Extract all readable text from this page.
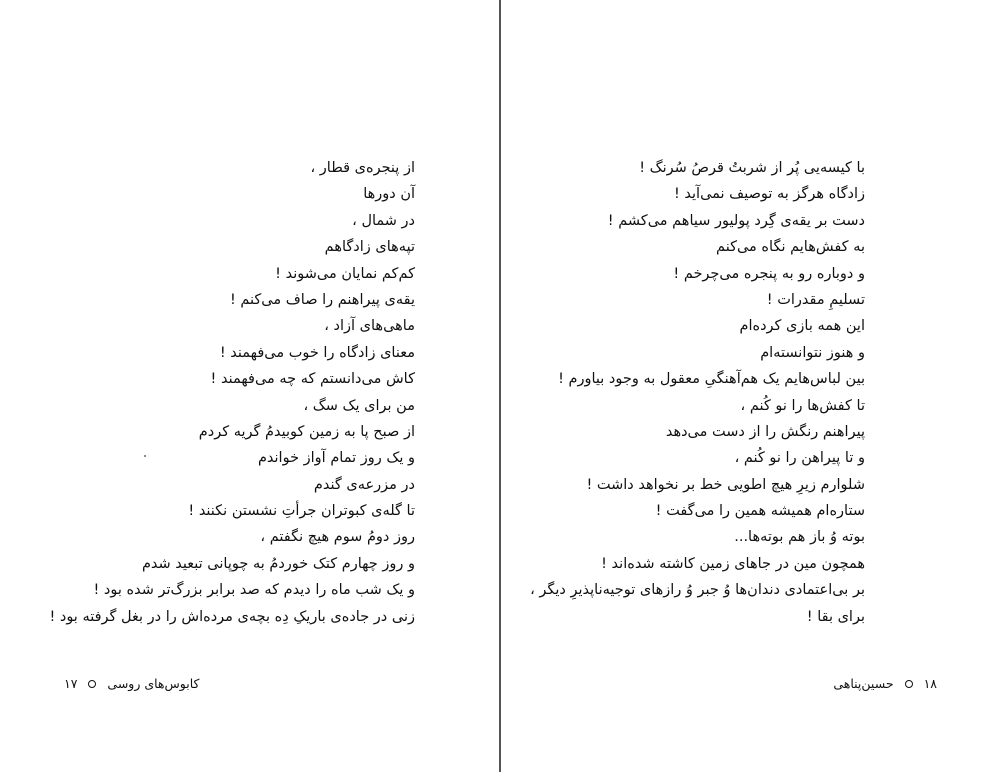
با کیسه‌یی پُر از شربتُ قرصُ سُرنگ !
زادگاه هرگز به توصیف نمی‌آید !
دست بر یقه‌ی گِرد پولیور سیاهم می‌کشم !
به کفش‌هایم نگاه می‌کنم
و دوباره رو به پنجره می‌چرخم !
تسلیمِ مقدرات !
این همه بازی کرده‌ام
و هنوز نتوانسته‌ام
بین لباس‌هایم یک هم‌آهنگیِ معقول به وجود بیاورم !
تا کفش‌ها را نو کُنم ،
پیراهنم رنگش را از دست می‌دهد
و تا پیراهن را نو کُنم ،
شلوارم زیرِ هیچ اطویی خط بر نخواهد داشت !
ستاره‌ام همیشه همین را می‌گفت !
بوته وُ باز هم بوته‌ها...
همچون مین در جاهای زمین کاشته شده‌اند !
بر بی‌اعتمادی دندان‌ها وُ جبر وُ رازهای توجیه‌ناپذیرِ دیگر ،
برای بقا !
از پنجره‌ی قطار ،
آن دورها
در شمال ،
تپه‌های زادگاهم
کم‌کم نمایان می‌شوند !
یقه‌ی پیراهنم را صاف می‌کنم !
ماهی‌های آزاد ،
معنای زادگاه را خوب می‌فهمند !
کاش می‌دانستم که چه می‌فهمند !
من برای یک سگ ،
از صبح پا به زمین کوبیدمُ گریه کردم
و یک روز تمام آواز خواندم
در مزرعه‌ی گندم
تا گله‌ی کبوتران جرأتِ نشستن نکنند !
روز دومُ سوم هیچ نگفتم ،
و روز چهارم کتک خوردمُ به چوپانی تبعید شدم
و یک شب ماه را دیدم که صد برابر بزرگ‌تر شده بود !
زنی در جاده‌ی باریکِ دِه بچه‌ی مرده‌اش را در بغل گرفته بود !
۱۸  حسین‌پناهی
کابوس‌های روسی  ۱۷
